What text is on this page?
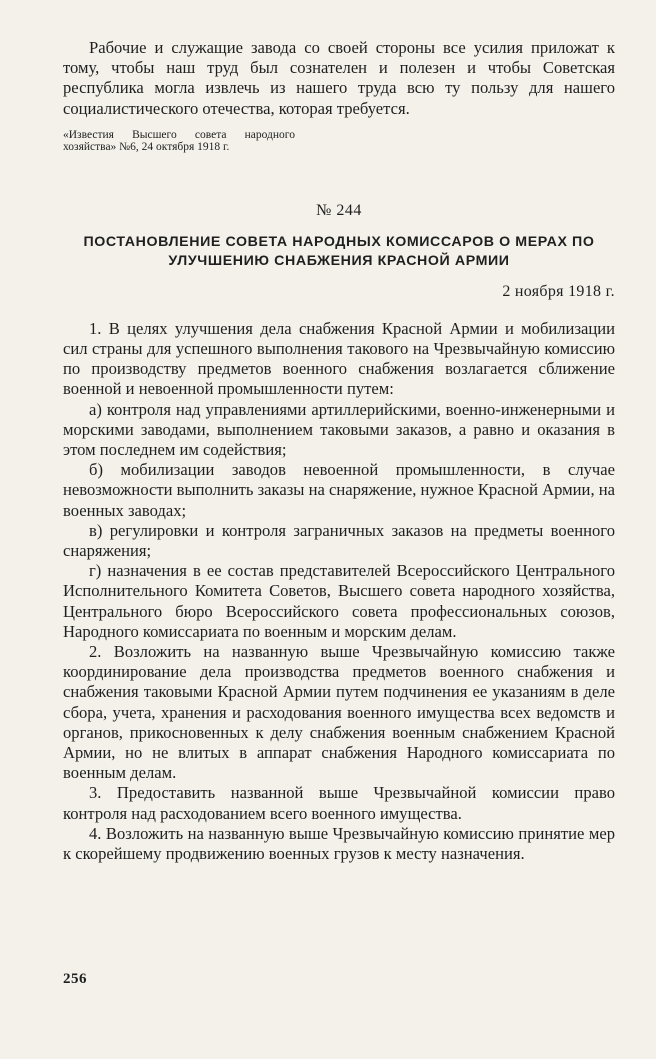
Рабочие и служащие завода со своей стороны все усилия приложат к тому, чтобы наш труд был сознателен и полезен и чтобы Советская республика могла извлечь из нашего труда всю ту пользу для нашего социалистического отечества, которая требуется.

«Известия Высшего совета народного хозяйства» №6, 24 октября 1918 г.

№ 244
ПОСТАНОВЛЕНИЕ СОВЕТА НАРОДНЫХ КОМИССАРОВ О МЕРАХ ПО УЛУЧШЕНИЮ СНАБЖЕНИЯ КРАСНОЙ АРМИИ
2 ноября 1918 г.

1. В целях улучшения дела снабжения Красной Армии и мобилизации сил страны для успешного выполнения такового на Чрезвычайную комиссию по производству предметов военного снабжения возлагается сближение военной и невоенной промышленности путем:

а) контроля над управлениями артиллерийскими, военно-инженерными и морскими заводами, выполнением таковыми заказов, а равно и оказания в этом последнем им содействия;

б) мобилизации заводов невоенной промышленности, в случае невозможности выполнить заказы на снаряжение, нужное Красной Армии, на военных заводах;

в) регулировки и контроля заграничных заказов на предметы военного снаряжения;

г) назначения в ее состав представителей Всероссийского Центрального Исполнительного Комитета Советов, Высшего совета народного хозяйства, Центрального бюро Всероссийского совета профессиональных союзов, Народного комиссариата по военным и морским делам.

2. Возложить на названную выше Чрезвычайную комиссию также координирование дела производства предметов военного снабжения и снабжения таковыми Красной Армии путем подчинения ее указаниям в деле сбора, учета, хранения и расходования военного имущества всех ведомств и органов, прикосновенных к делу снабжения военным снабжением Красной Армии, но не влитых в аппарат снабжения Народного комиссариата по военным делам.

3. Предоставить названной выше Чрезвычайной комиссии право контроля над расходованием всего военного имущества.

4. Возложить на названную выше Чрезвычайную комиссию принятие мер к скорейшему продвижению военных грузов к месту назначения.

256
